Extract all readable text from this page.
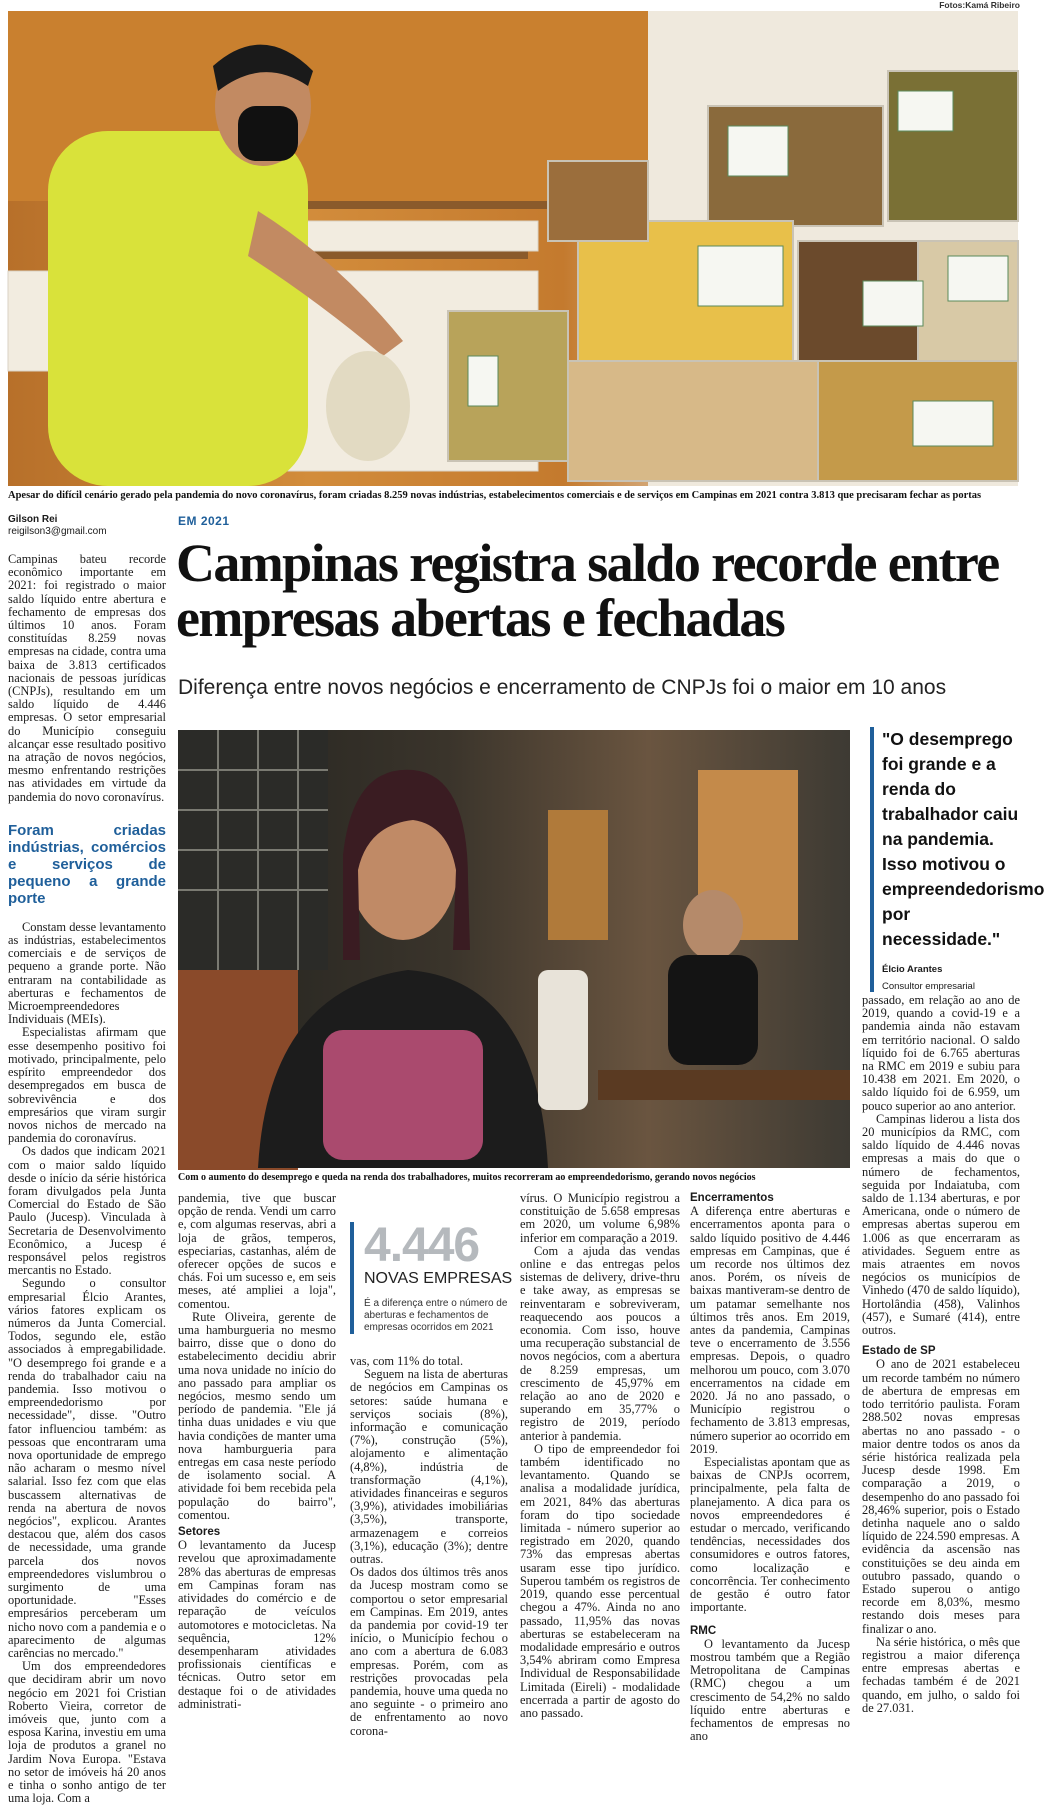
Fotos:Kamá Ribeiro
Apesar do difícil cenário gerado pela pandemia do novo coronavírus, foram criadas 8.259 novas indústrias, estabelecimentos comerciais e de serviços em Campinas em 2021 contra 3.813 que precisaram fechar as portas
Gilson Rei
reigilson3@gmail.com
EM 2021
Campinas registra saldo recorde entre empresas abertas e fechadas
Diferença entre novos negócios e encerramento de CNPJs foi o maior em 10 anos

Campinas bateu recorde econômico importante em 2021: foi registrado o maior saldo líquido entre abertura e fechamento de empresas dos últimos 10 anos. Foram constituídas 8.259 novas empresas na cidade, contra uma baixa de 3.813 certificados nacionais de pessoas jurídicas (CNPJs), resultando em um saldo líquido de 4.446 empresas. O setor empresarial do Município conseguiu alcançar esse resultado positivo na atração de novos negócios, mesmo enfrentando restrições nas atividades em virtude da pandemia do novo coronavírus.

Foram criadas indústrias, comércios e serviços de pequeno a grande porte

Constam desse levantamento as indústrias, estabelecimentos comerciais e de serviços de pequeno a grande porte. Não entraram na contabilidade as aberturas e fechamentos de Microempreendedores Individuais (MEIs).

Especialistas afirmam que esse desempenho positivo foi motivado, principalmente, pelo espírito empreendedor dos desempregados em busca de sobrevivência e dos empresários que viram surgir novos nichos de mercado na pandemia do coronavírus.

Os dados que indicam 2021 com o maior saldo líquido desde o início da série histórica foram divulgados pela Junta Comercial do Estado de São Paulo (Jucesp). Vinculada à Secretaria de Desenvolvimento Econômico, a Jucesp é responsável pelos registros mercantis no Estado.

Segundo o consultor empresarial Élcio Arantes, vários fatores explicam os números da Junta Comercial. Todos, segundo ele, estão associados à empregabilidade. "O desemprego foi grande e a renda do trabalhador caiu na pandemia. Isso motivou o empreendedorismo por necessidade", disse. "Outro fator influenciou também: as pessoas que encontraram uma nova oportunidade de emprego não acharam o mesmo nível salarial. Isso fez com que elas buscassem alternativas de renda na abertura de novos negócios", explicou. Arantes destacou que, além dos casos de necessidade, uma grande parcela dos novos empreendedores vislumbrou o surgimento de uma oportunidade. "Esses empresários perceberam um nicho novo com a pandemia e o aparecimento de algumas carências no mercado."

Um dos empreendedores que decidiram abrir um novo negócio em 2021 foi Cristian Roberto Vieira, corretor de imóveis que, junto com a esposa Karina, investiu em uma loja de produtos a granel no Jardim Nova Europa. "Estava no setor de imóveis há 20 anos e tinha o sonho antigo de ter uma loja. Com a

Com o aumento do desemprego e queda na renda dos trabalhadores, muitos recorreram ao empreendedorismo, gerando novos negócios
"O desemprego foi grande e a renda do trabalhador caiu na pandemia. Isso motivou o empreendedorismo por necessidade."
Élcio Arantes
Consultor empresarial
4.446
NOVAS EMPRESAS
É a diferença entre o número de aberturas e fechamentos de empresas ocorridos em 2021

pandemia, tive que buscar opção de renda. Vendi um carro e, com algumas reservas, abri a loja de grãos, temperos, especiarias, castanhas, além de oferecer opções de sucos e chás. Foi um sucesso e, em seis meses, até ampliei a loja", comentou.

Rute Oliveira, gerente de uma hamburgueria no mesmo bairro, disse que o dono do estabelecimento decidiu abrir uma nova unidade no início do ano passado para ampliar os negócios, mesmo sendo um período de pandemia. "Ele já tinha duas unidades e viu que havia condições de manter uma nova hamburgueria para entregas em casa neste período de isolamento social. A atividade foi bem recebida pela população do bairro", comentou.

Setores

O levantamento da Jucesp revelou que aproximadamente 28% das aberturas de empresas em Campinas foram nas atividades do comércio e de reparação de veículos automotores e motocicletas. Na sequência, 12% desempenharam atividades profissionais científicas e técnicas. Outro setor em destaque foi o de atividades administrati-

vas, com 11% do total.

Seguem na lista de aberturas de negócios em Campinas os setores: saúde humana e serviços sociais (8%), informação e comunicação (7%), construção (5%), alojamento e alimentação (4,8%), indústria de transformação (4,1%), atividades financeiras e seguros (3,9%), atividades imobiliárias (3,5%), transporte, armazenagem e correios (3,1%), educação (3%); dentre outras.

Os dados dos últimos três anos da Jucesp mostram como se comportou o setor empresarial em Campinas. Em 2019, antes da pandemia por covid-19 ter início, o Município fechou o ano com a abertura de 6.083 empresas. Porém, com as restrições provocadas pela pandemia, houve uma queda no ano seguinte - o primeiro ano de enfrentamento ao novo corona-

vírus. O Município registrou a constituição de 5.658 empresas em 2020, um volume 6,98% inferior em comparação a 2019.

Com a ajuda das vendas online e das entregas pelos sistemas de delivery, drive-thru e take away, as empresas se reinventaram e sobreviveram, reaquecendo aos poucos a economia. Com isso, houve uma recuperação substancial de novos negócios, com a abertura de 8.259 empresas, um crescimento de 45,97% em relação ao ano de 2020 e superando em 35,77% o registro de 2019, período anterior à pandemia.

O tipo de empreendedor foi também identificado no levantamento. Quando se analisa a modalidade jurídica, em 2021, 84% das aberturas foram do tipo sociedade limitada - número superior ao registrado em 2020, quando 73% das empresas abertas usaram esse tipo jurídico. Superou também os registros de 2019, quando esse percentual chegou a 47%. Ainda no ano passado, 11,95% das novas aberturas se estabeleceram na modalidade empresário e outros 3,54% abriram como Empresa Individual de Responsabilidade Limitada (Eireli) - modalidade encerrada a partir de agosto do ano passado.

Encerramentos

A diferença entre aberturas e encerramentos aponta para o saldo líquido positivo de 4.446 empresas em Campinas, que é um recorde nos últimos dez anos. Porém, os níveis de baixas mantiveram-se dentro de um patamar semelhante nos últimos três anos. Em 2019, antes da pandemia, Campinas teve o encerramento de 3.556 empresas. Depois, o quadro melhorou um pouco, com 3.070 encerramentos na cidade em 2020. Já no ano passado, o Município registrou o fechamento de 3.813 empresas, número superior ao ocorrido em 2019.

Especialistas apontam que as baixas de CNPJs ocorrem, principalmente, pela falta de planejamento. A dica para os novos empreendedores é estudar o mercado, verificando tendências, necessidades dos consumidores e outros fatores, como localização e concorrência. Ter conhecimento de gestão é outro fator importante.

RMC

O levantamento da Jucesp mostrou também que a Região Metropolitana de Campinas (RMC) chegou a um crescimento de 54,2% no saldo líquido entre aberturas e fechamentos de empresas no ano

passado, em relação ao ano de 2019, quando a covid-19 e a pandemia ainda não estavam em território nacional. O saldo líquido foi de 6.765 aberturas na RMC em 2019 e subiu para 10.438 em 2021. Em 2020, o saldo líquido foi de 6.959, um pouco superior ao ano anterior.

Campinas liderou a lista dos 20 municípios da RMC, com saldo líquido de 4.446 novas empresas a mais do que o número de fechamentos, seguida por Indaiatuba, com saldo de 1.134 aberturas, e por Americana, onde o número de empresas abertas superou em 1.006 as que encerraram as atividades. Seguem entre as mais atraentes em novos negócios os municípios de Vinhedo (470 de saldo líquido), Hortolândia (458), Valinhos (457), e Sumaré (414), entre outros.

Estado de SP

O ano de 2021 estabeleceu um recorde também no número de abertura de empresas em todo território paulista. Foram 288.502 novas empresas abertas no ano passado - o maior dentre todos os anos da série histórica realizada pela Jucesp desde 1998. Em comparação a 2019, o desempenho do ano passado foi 28,46% superior, pois o Estado detinha naquele ano o saldo líquido de 224.590 empresas. A evidência da ascensão nas constituições se deu ainda em outubro passado, quando o Estado superou o antigo recorde em 8,03%, mesmo restando dois meses para finalizar o ano.

Na série histórica, o mês que registrou a maior diferença entre empresas abertas e fechadas também é de 2021 quando, em julho, o saldo foi de 27.031.
